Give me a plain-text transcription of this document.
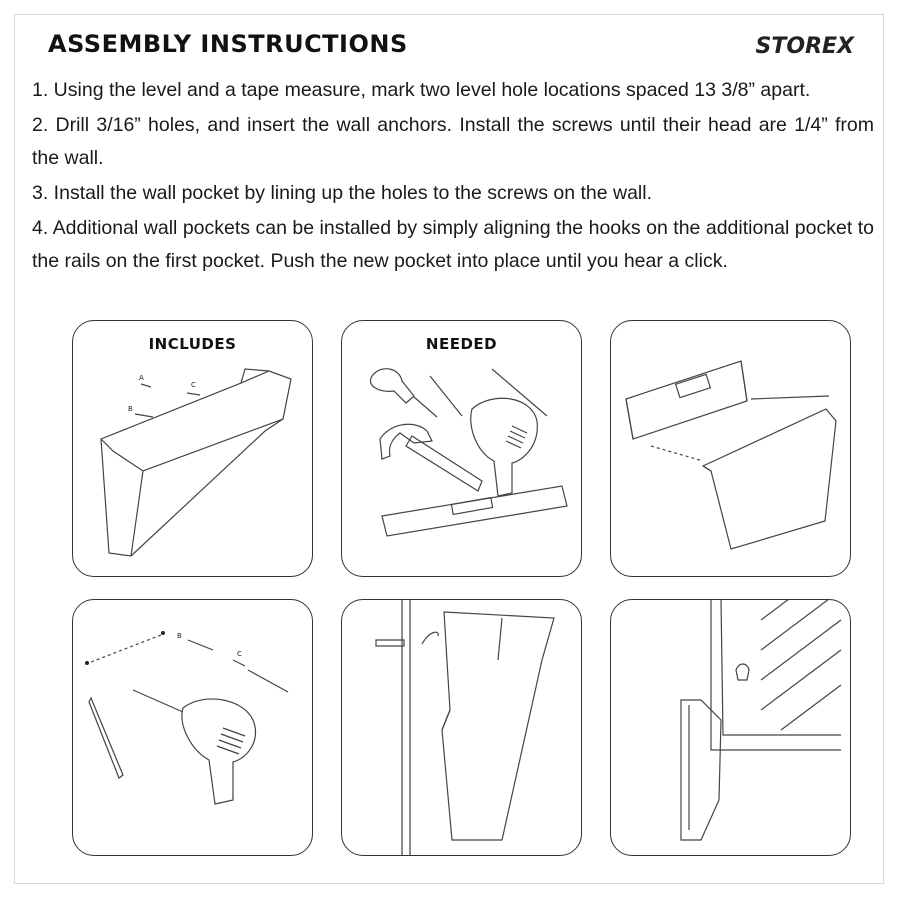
ASSEMBLY INSTRUCTIONS	STOREX
1. Using the level and a tape measure, mark two level hole locations spaced 13 3/8” apart.
2. Drill 3/16” holes, and insert the wall anchors. Install the screws until their head are 1/4” from the wall.
3. Install the wall pocket by lining up the holes to the screws on the wall.
4. Additional wall pockets can be installed by simply aligning the hooks on the additional pocket to the rails on the first pocket. Push the new pocket into place until you hear a click.
INCLUDES
A
B
C
NEEDED
B
C
